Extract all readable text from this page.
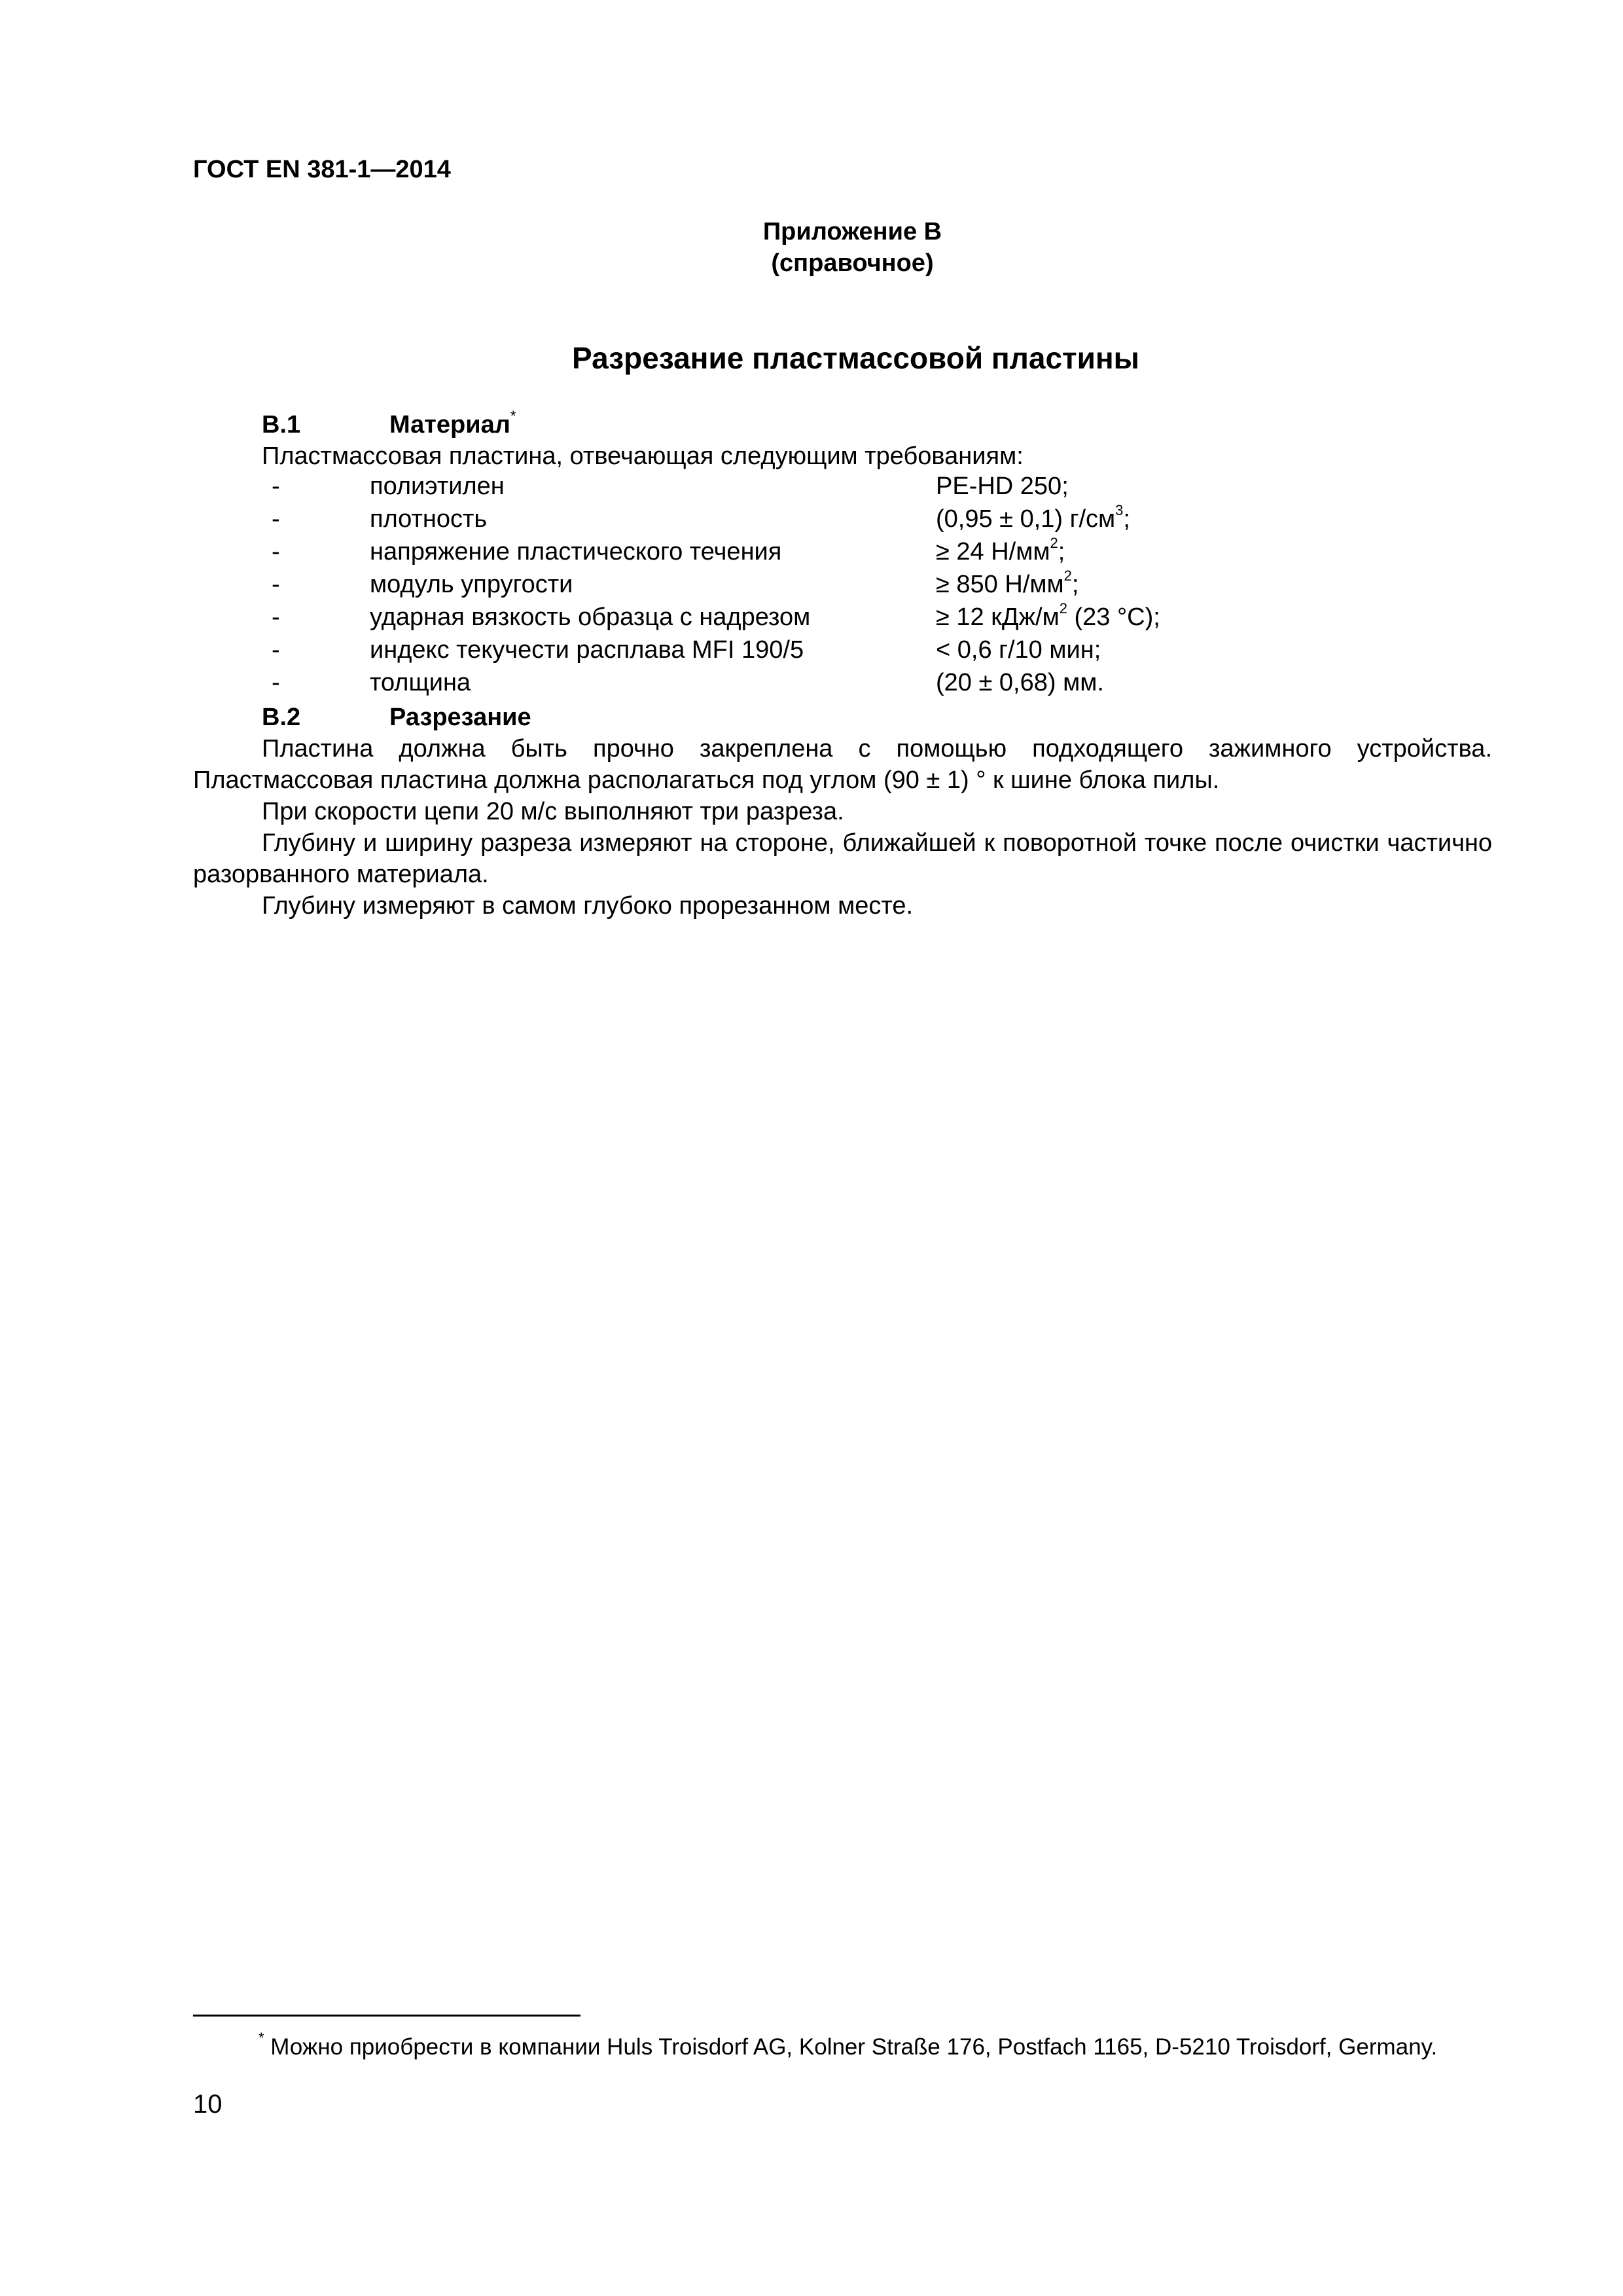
ГОСТ EN 381-1—2014
Приложение В
(справочное)
Разрезание пластмассовой пластины
В.1	Материал*
Пластмассовая пластина, отвечающая следующим требованиям:
-	полиэтилен	PE-HD 250;
-	плотность	(0,95 ± 0,1) $г/см^3$;
-	напряжение пластического течения	≥ 24 $Н/мм^2$;
-	модуль упругости	≥ 850 $Н/мм^2$;
-	ударная вязкость образца с надрезом	≥ 12 кДж/$м^2$ (23 °С);
-	индекс текучести расплава MFI 190/5	< 0,6 г/10 мин;
-	толщина	(20 ± 0,68) мм.
В.2	Разрезание
Пластина должна быть прочно закреплена с помощью подходящего зажимного устройства. Пластмассовая пластина должна располагаться под углом (90 ± 1) ° к шине блока пилы.
При скорости цепи 20 м/с выполняют три разреза.
Глубину и ширину разреза измеряют на стороне, ближайшей к поворотной точке после очистки частично разорванного материала.
Глубину измеряют в самом глубоко прорезанном месте.
* Можно приобрести в компании Huls Troisdorf AG, Kolner Straße 176, Postfach 1165, D-5210 Troisdorf, Germany.
10
